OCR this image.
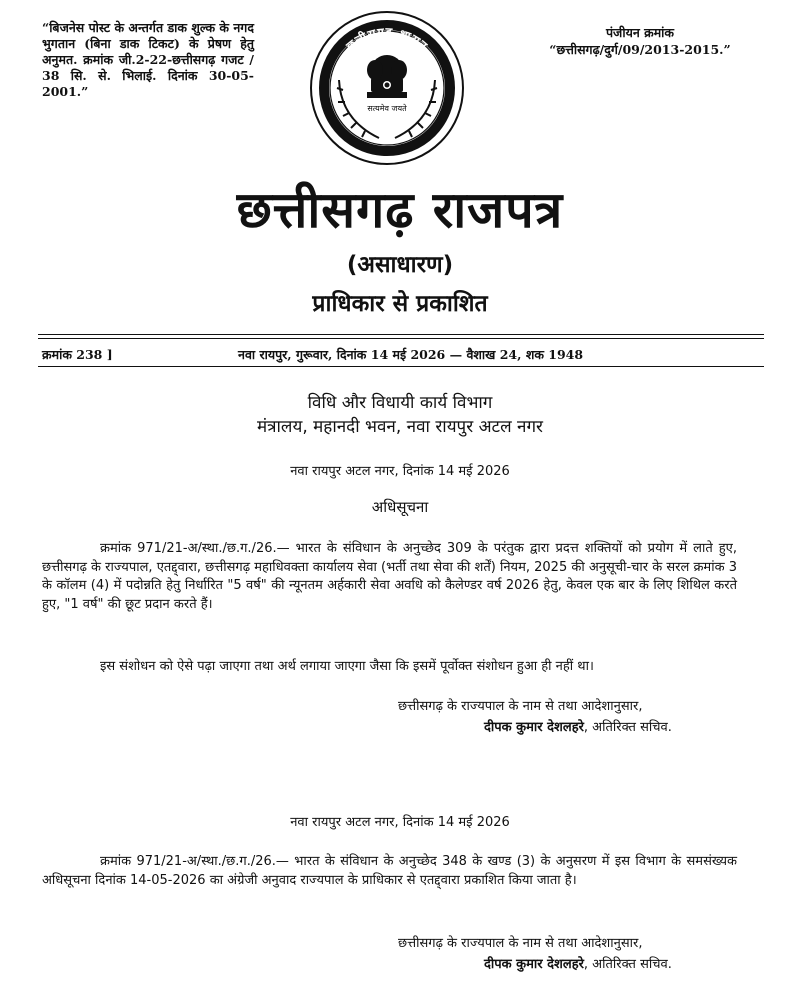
“बिजनेस पोस्ट के अन्तर्गत डाक शुल्क के नगद भुगतान (बिना डाक टिकट) के प्रेषण हेतु अनुमत. क्रमांक जी.2-22-छत्तीसगढ़ गजट / 38 सि. से. भिलाई. दिनांक 30-05-2001.”
पंजीयन क्रमांक
“छत्तीसगढ़/दुर्ग/09/2013-2015.”
छत्तीसगढ़ शासन
सत्यमेव जयते
छत्तीसगढ़ राजपत्र
(असाधारण)
प्राधिकार से प्रकाशित
क्रमांक 238 ]	नवा रायपुर, गुरूवार, दिनांक 14 मई 2026 — वैशाख 24, शक 1948
विधि और विधायी कार्य विभाग
मंत्रालय, महानदी भवन, नवा रायपुर अटल नगर
नवा रायपुर अटल नगर, दिनांक 14 मई 2026
अधिसूचना
क्रमांक 971/21-अ/स्था./छ.ग./26.— भारत के संविधान के अनुच्छेद 309 के परंतुक द्वारा प्रदत्त शक्तियों को प्रयोग में लाते हुए, छत्तीसगढ़ के राज्यपाल, एतद्द्वारा, छत्तीसगढ़ महाधिवक्ता कार्यालय सेवा (भर्ती तथा सेवा की शर्तें) नियम, 2025 की अनुसूची-चार के सरल क्रमांक 3 के कॉलम (4) में पदोन्नति हेतु निर्धारित "5 वर्ष" की न्यूनतम अर्हकारी सेवा अवधि को कैलेण्डर वर्ष 2026 हेतु, केवल एक बार के लिए शिथिल करते हुए, "1 वर्ष" की छूट प्रदान करते हैं।
इस संशोधन को ऐसे पढ़ा जाएगा तथा अर्थ लगाया जाएगा जैसा कि इसमें पूर्वोक्त संशोधन हुआ ही नहीं था।
छत्तीसगढ़ के राज्यपाल के नाम से तथा आदेशानुसार,
दीपक कुमार देशलहरे, अतिरिक्त सचिव.
नवा रायपुर अटल नगर, दिनांक 14 मई 2026
क्रमांक 971/21-अ/स्था./छ.ग./26.— भारत के संविधान के अनुच्छेद 348 के खण्ड (3) के अनुसरण में इस विभाग के समसंख्यक अधिसूचना दिनांक 14-05-2026 का अंग्रेजी अनुवाद राज्यपाल के प्राधिकार से एतद्द्वारा प्रकाशित किया जाता है।
छत्तीसगढ़ के राज्यपाल के नाम से तथा आदेशानुसार,
दीपक कुमार देशलहरे, अतिरिक्त सचिव.
